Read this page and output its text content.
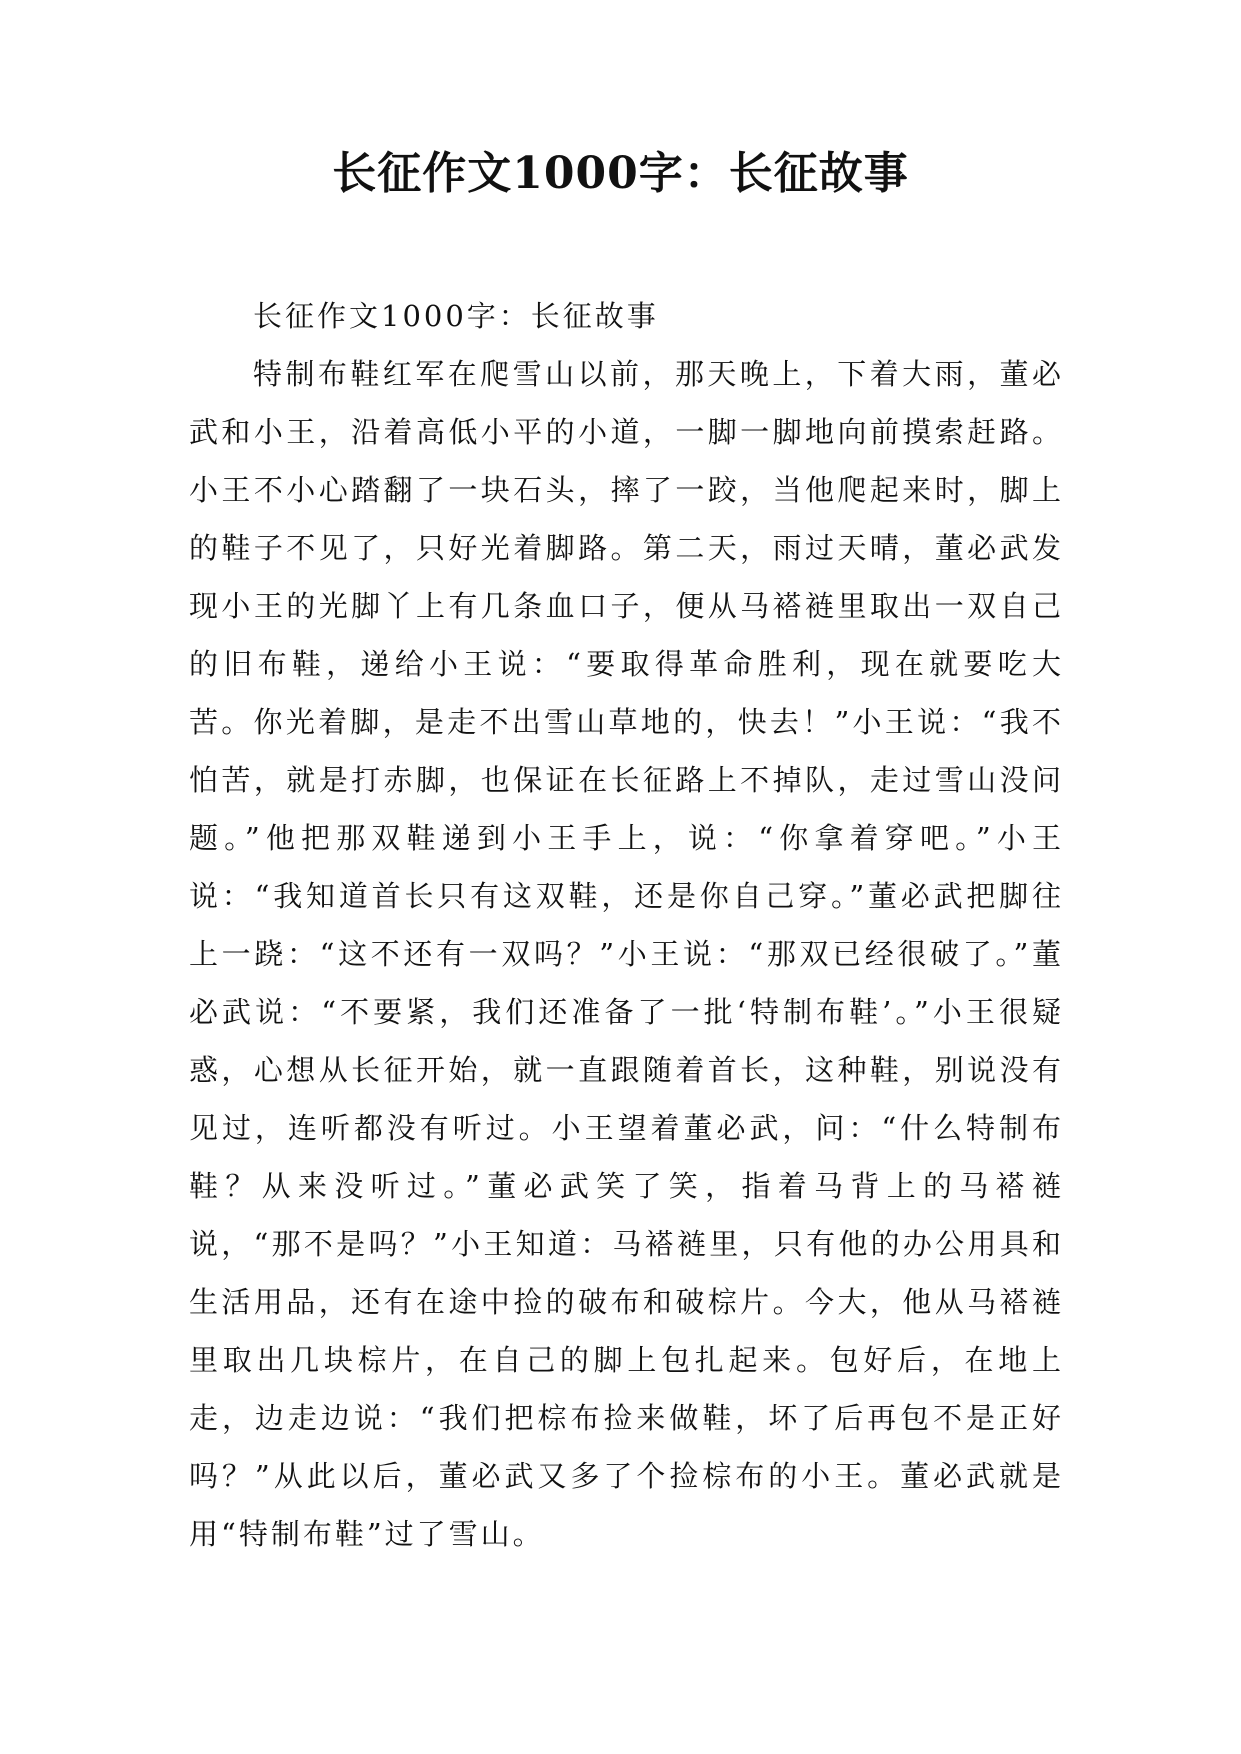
长征作文1000字：长征故事

长征作文1000字：长征故事

特制布鞋红军在爬雪山以前，那天晚上，下着大雨，董必武和小王，沿着高低小平的小道，一脚一脚地向前摸索赶路。小王不小心踏翻了一块石头，摔了一跤，当他爬起来时，脚上的鞋子不见了，只好光着脚路。第二天，雨过天晴，董必武发现小王的光脚丫上有几条血口子，便从马褡裢里取出一双自己的旧布鞋，递给小王说：“要取得革命胜利，现在就要吃大苦。你光着脚，是走不出雪山草地的，快去！”小王说：“我不怕苦，就是打赤脚，也保证在长征路上不掉队，走过雪山没问题。”他把那双鞋递到小王手上，说：“你拿着穿吧。”小王说：“我知道首长只有这双鞋，还是你自己穿。”董必武把脚往上一跷：“这不还有一双吗？”小王说：“那双已经很破了。”董必武说：“不要紧，我们还准备了一批‘特制布鞋’。”小王很疑惑，心想从长征开始，就一直跟随着首长，这种鞋，别说没有见过，连听都没有听过。小王望着董必武，问：“什么特制布鞋？从来没听过。”董必武笑了笑，指着马背上的马褡裢说，“那不是吗？”小王知道：马褡裢里，只有他的办公用具和生活用品，还有在途中捡的破布和破棕片。今大，他从马褡裢里取出几块棕片，在自己的脚上包扎起来。包好后，在地上走，边走边说：“我们把棕布捡来做鞋，坏了后再包不是正好吗？”从此以后，董必武又多了个捡棕布的小王。董必武就是用“特制布鞋”过了雪山。
